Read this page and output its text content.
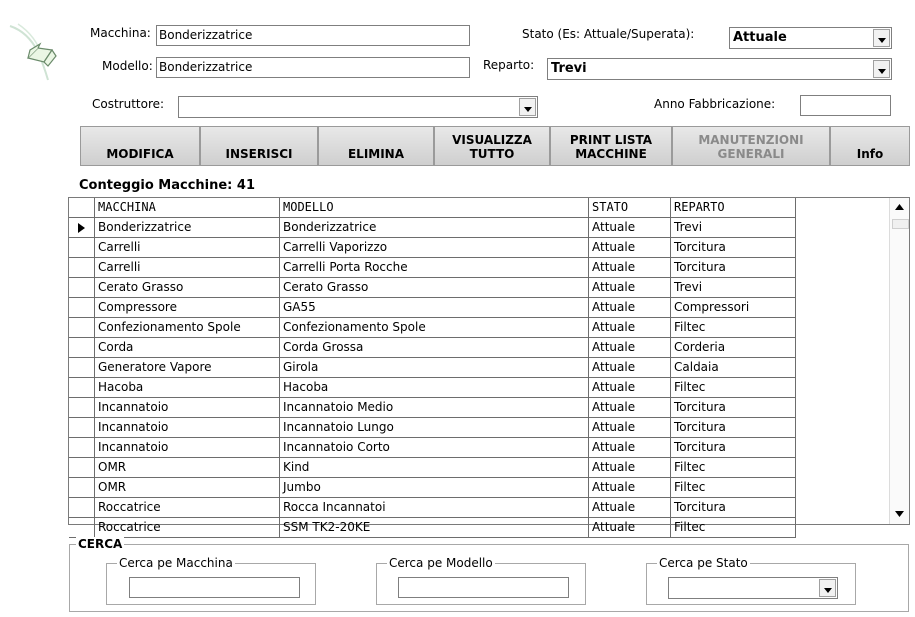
Macchina: Bonderizzatrice	Stato (Es: Attuale/Superata):	Attuale
Modello: Bonderizzatrice	Reparto: Trevi
Costruttore:	Anno Fabbricazione:
MODIFICA	INSERISCI	ELIMINA
VISUALIZZA
TUTTO
PRINT LISTA
MACCHINE
MANUTENZIONI
GENERALI	Info
Conteggio Macchine: 41
MACCHINA	MODELLO	STATO	REPARTO
Bonderizzatrice	Bonderizzatrice	Attuale	Trevi
Carrelli	Carrelli Vaporizzo	Attuale	Torcitura
Carrelli	Carrelli Porta Rocche	Attuale	Torcitura
Cerato Grasso	Cerato Grasso	Attuale	Trevi
Compressore	GA55	Attuale	Compressori
Confezionamento Spole	Confezionamento Spole	Attuale	Filtec
Corda	Corda Grossa	Attuale	Corderia
Generatore Vapore	Girola	Attuale	Caldaia
Hacoba	Hacoba	Attuale	Filtec
Incannatoio	Incannatoio Medio	Attuale	Torcitura
Incannatoio	Incannatoio Lungo	Attuale	Torcitura
Incannatoio	Incannatoio Corto	Attuale	Torcitura
OMR	Kind	Attuale	Filtec
OMR	Jumbo	Attuale	Filtec
Roccatrice	Rocca Incannatoi	Attuale	Torcitura
Roccatrice	SSM TK2-20KE	Attuale	Filtec
CERCA
Cerca pe Macchina	Cerca pe Modello	Cerca pe Stato
